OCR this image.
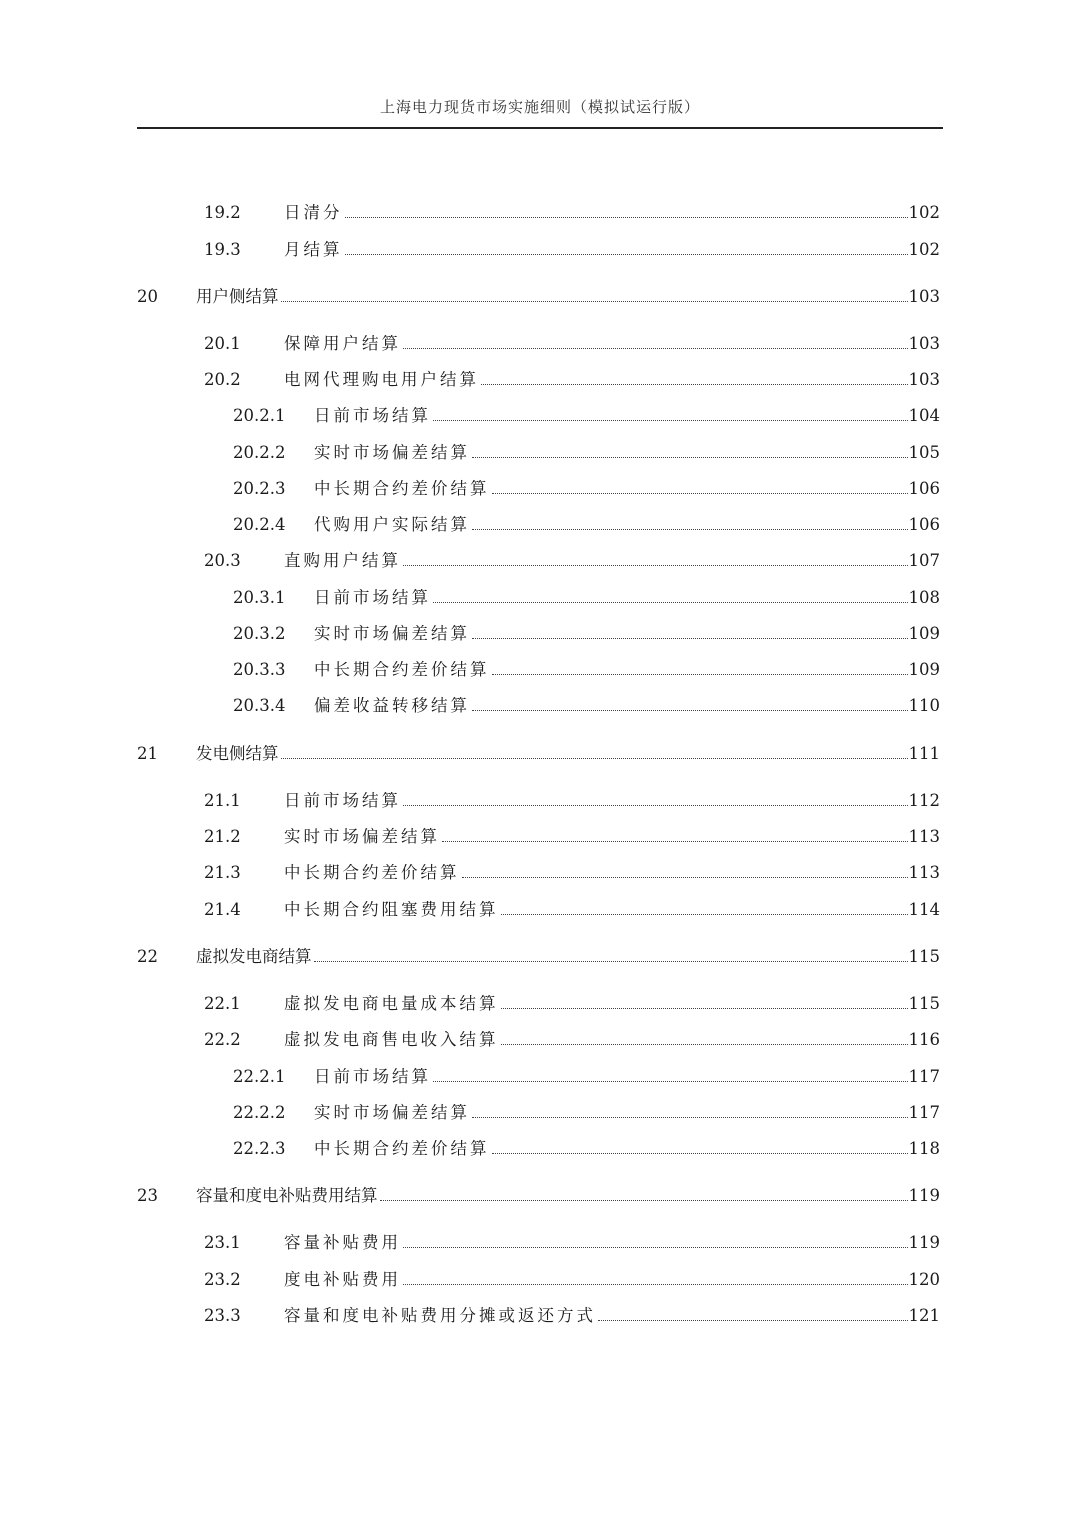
上海电力现货市场实施细则（模拟试运行版）
19.2	日清分	102
19.3	月结算	102
20 用户侧结算	103
20.1	保障用户结算	103
20.2	电网代理购电用户结算	103
20.2.1 日前市场结算	104
20.2.2 实时市场偏差结算	105
20.2.3 中长期合约差价结算	106
20.2.4 代购用户实际结算	106
20.3	直购用户结算	107
20.3.1 日前市场结算	108
20.3.2 实时市场偏差结算	109
20.3.3 中长期合约差价结算	109
20.3.4 偏差收益转移结算	110
21 发电侧结算	111
21.1	日前市场结算	112
21.2	实时市场偏差结算	113
21.3	中长期合约差价结算	113
21.4	中长期合约阻塞费用结算	114
22 虚拟发电商结算	115
22.1	虚拟发电商电量成本结算	115
22.2	虚拟发电商售电收入结算	116
22.2.1 日前市场结算	117
22.2.2 实时市场偏差结算	117
22.2.3 中长期合约差价结算	118
23 容量和度电补贴费用结算	119
23.1	容量补贴费用	119
23.2	度电补贴费用	120
23.3	容量和度电补贴费用分摊或返还方式	121
